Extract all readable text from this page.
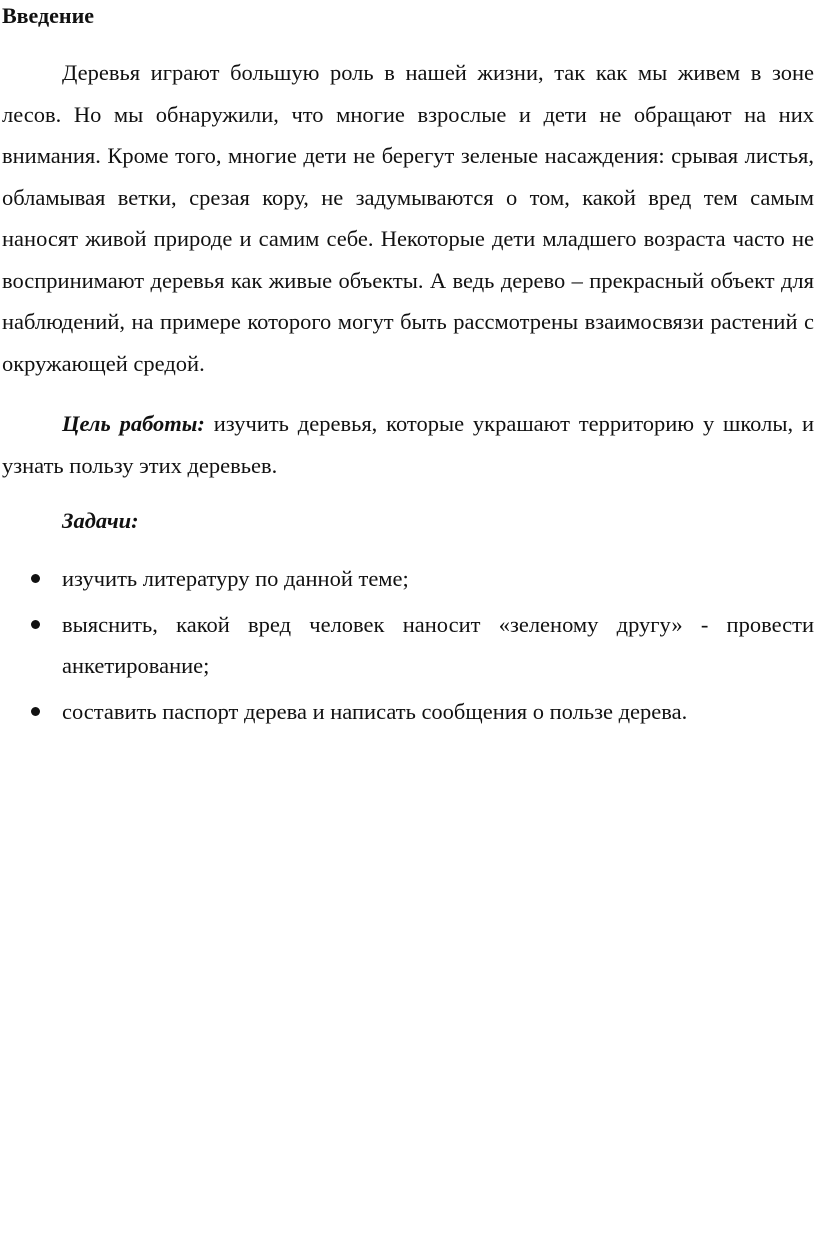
Введение

Деревья играют большую роль в нашей жизни, так как мы живем в зоне лесов. Но мы обнаружили, что многие взрослые и дети не обращают на них внимания. Кроме того, многие дети не берегут зеленые насаждения: срывая листья, обламывая ветки, срезая кору, не задумываются о том, какой вред тем самым наносят живой природе и самим себе. Некоторые дети младшего возраста часто не воспринимают деревья как живые объекты. А ведь дерево – прекрасный объект для наблюдений, на примере которого могут быть рассмотрены взаимосвязи растений с окружающей средой.

Цель работы: изучить деревья, которые украшают территорию у школы, и узнать пользу этих деревьев.

Задачи:

изучить литературу по данной теме;
выяснить, какой вред человек наносит «зеленому другу» - провести анкетирование;
составить паспорт дерева и написать сообщения о пользе дерева.
